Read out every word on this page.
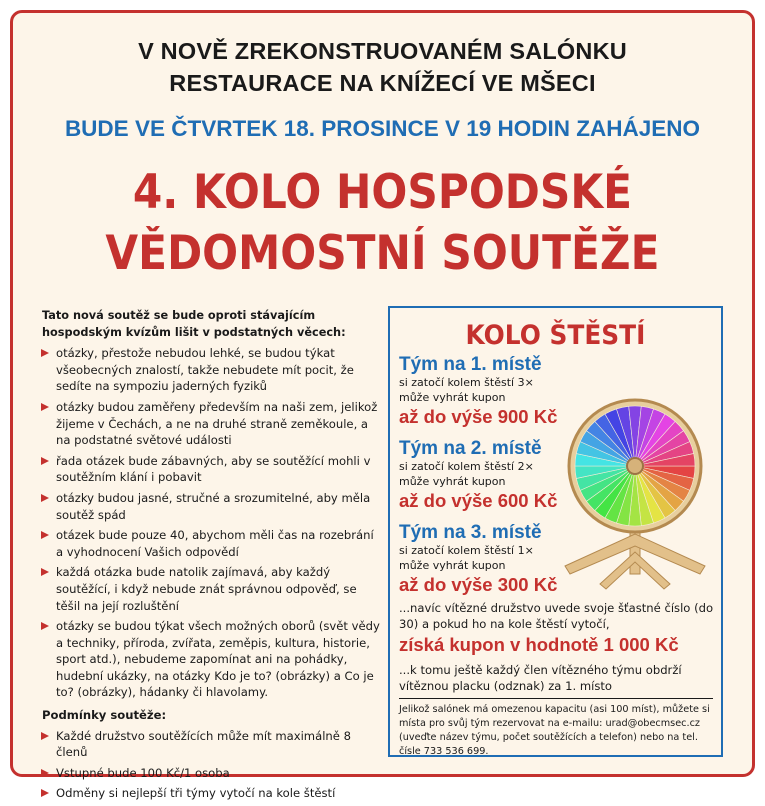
V NOVĚ ZREKONSTRUOVANÉM SALÓNKU
RESTAURACE NA KNÍŽECÍ VE MŠECI
BUDE VE ČTVRTEK 18. PROSINCE V 19 HODIN ZAHÁJENO
4. KOLO HOSPODSKÉ
VĚDOMOSTNÍ SOUTĚŽE
Tato nová soutěž se bude oproti stávajícím hospodským kvízům lišit v podstatných věcech:
otázky, přestože nebudou lehké, se budou týkat všeobecných znalostí, takže nebudete mít pocit, že sedíte na sympoziu jaderných fyziků
otázky budou zaměřeny především na naši zem, jelikož žijeme v Čechách, a ne na druhé straně zeměkoule, a na podstatné světové události
řada otázek bude zábavných, aby se soutěžící mohli v soutěžním klání i pobavit
otázky budou jasné, stručné a srozumitelné, aby měla soutěž spád
otázek bude pouze 40, abychom měli čas na rozebrání a vyhodnocení Vašich odpovědí
každá otázka bude natolik zajímavá, aby každý soutěžící, i když nebude znát správnou odpověď, se těšil na její rozluštění
otázky se budou týkat všech možných oborů (svět vědy a techniky, příroda, zvířata, zeměpis, kultura, historie, sport atd.), nebudeme zapomínat ani na pohádky, hudební ukázky, na otázky Kdo je to? (obrázky) a Co je to? (obrázky), hádanky či hlavolamy.
Podmínky soutěže:
Každé družstvo soutěžících může mít maximálně 8 členů
Vstupné bude 100 Kč/1 osoba
Odměny si nejlepší tři týmy vytočí na kole štěstí
KOLO ŠTĚSTÍ
Tým na 1. místě
si zatočí kolem štěstí 3×
může vyhrát kupon
až do výše 900 Kč
Tým na 2. místě
si zatočí kolem štěstí 2×
může vyhrát kupon
až do výše 600 Kč
Tým na 3. místě
si zatočí kolem štěstí 1×
může vyhrát kupon
až do výše 300 Kč
...navíc vítězné družstvo uvede svoje šťastné číslo (do 30) a pokud ho na kole štěstí vytočí,
získá kupon v hodnotě 1 000 Kč
...k tomu ještě každý člen vítězného týmu obdrží vítěznou placku (odznak) za 1. místo
Jelikož salónek má omezenou kapacitu (asi 100 míst), můžete si místa pro svůj tým rezervovat na e-mailu: urad@obecmsec.cz (uveďte název týmu, počet soutěžících a telefon) nebo na tel. čísle 733 536 699.
